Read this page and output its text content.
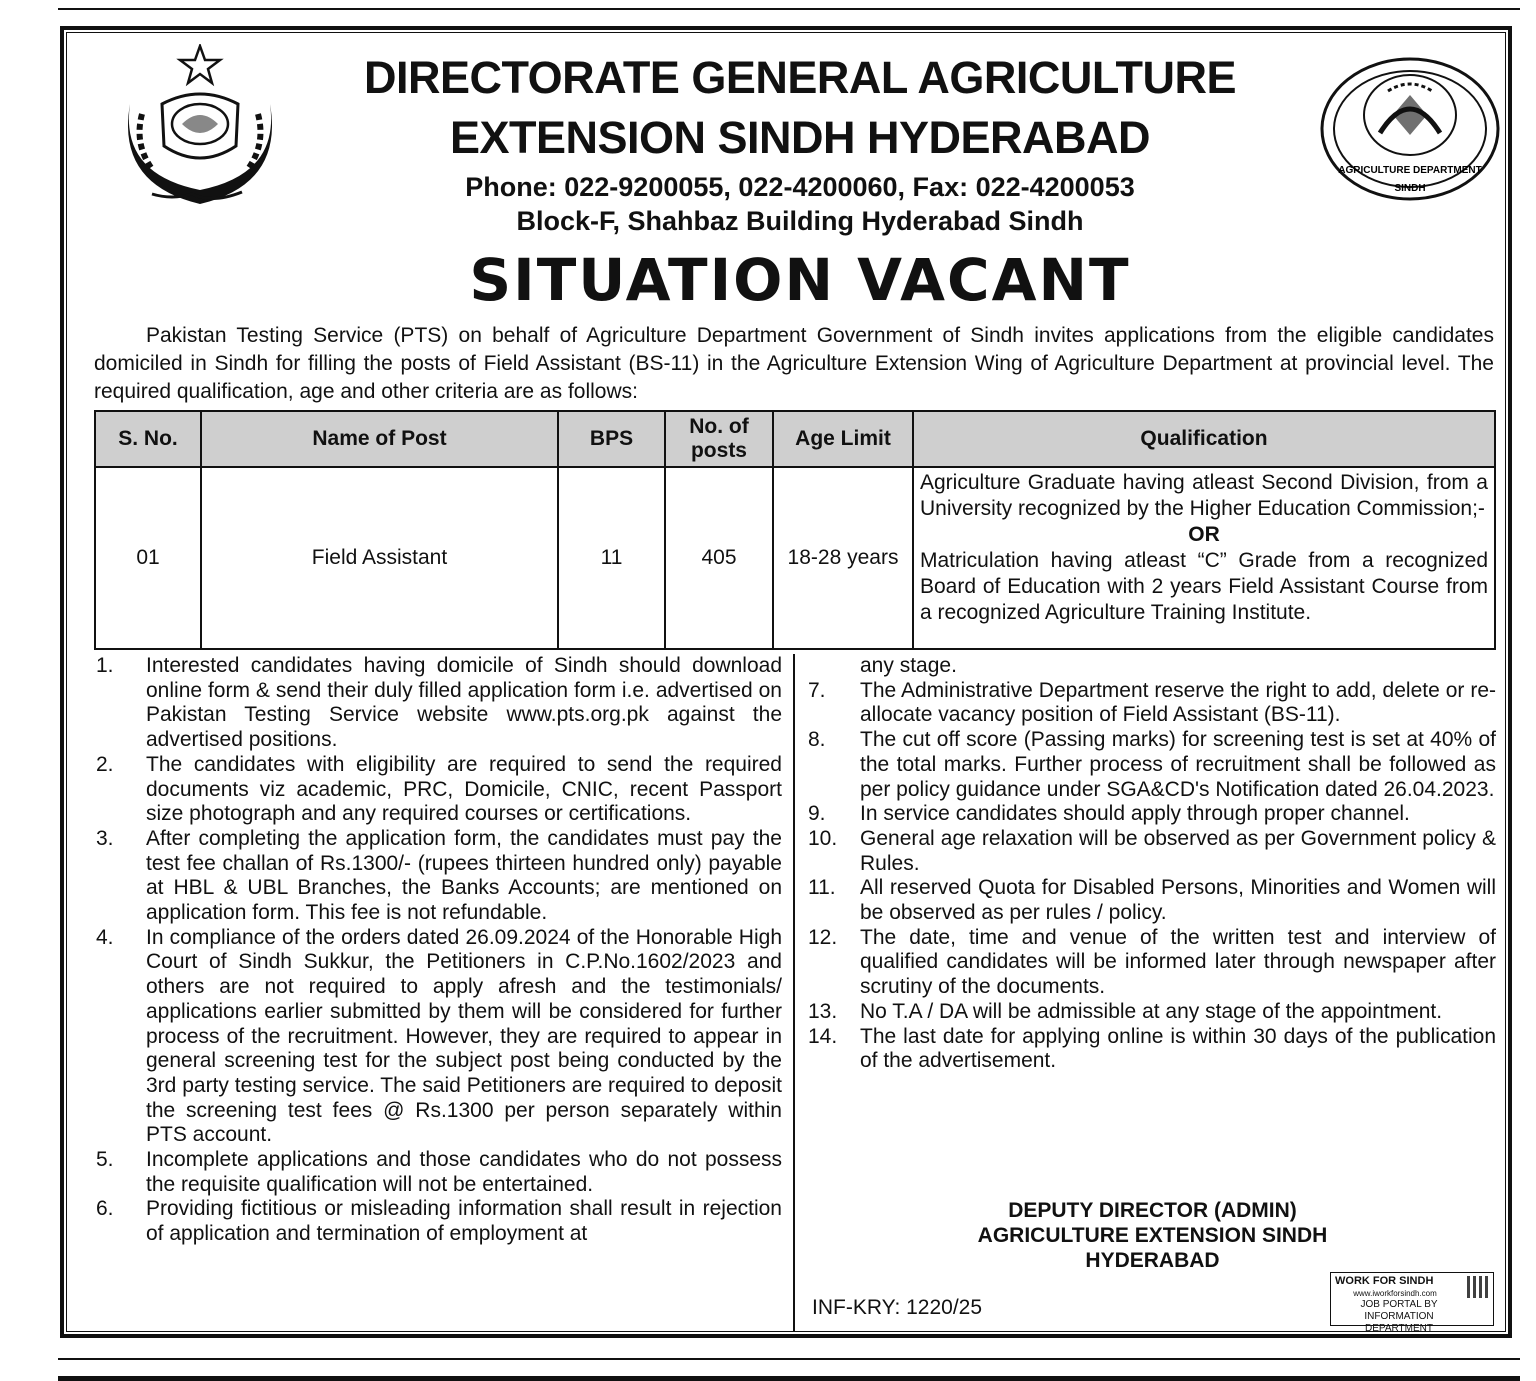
AGRICULTURE DEPARTMENT
SINDH
DIRECTORATE GENERAL AGRICULTURE
EXTENSION SINDH HYDERABAD
Phone: 022-9200055, 022-4200060, Fax: 022-4200053
Block-F, Shahbaz Building Hyderabad Sindh
SITUATION VACANT
Pakistan Testing Service (PTS) on behalf of Agriculture Department Government of Sindh invites applications from the eligible candidates domiciled in Sindh for filling the posts of Field Assistant (BS-11) in the Agriculture Extension Wing of Agriculture Department at provincial level. The required qualification, age and other criteria are as follows:
S. No.	Name of Post	BPS	No. of posts	Age Limit	Qualification
01	Field Assistant	11	405	18-28 years	Agriculture Graduate having atleast Second Division, from a University recognized by the Higher Education Commission;-
OR
Matriculation having atleast “C” Grade from a recognized Board of Education with 2 years Field Assistant Course from a recognized Agriculture Training Institute.
1. Interested candidates having domicile of Sindh should download online form & send their duly filled application form i.e. advertised on Pakistan Testing Service website www.pts.org.pk against the advertised positions.
2. The candidates with eligibility are required to send the required documents viz academic, PRC, Domicile, CNIC, recent Passport size photograph and any required courses or certifications.
3. After completing the application form, the candidates must pay the test fee challan of Rs.1300/- (rupees thirteen hundred only) payable at HBL & UBL Branches, the Banks Accounts; are mentioned on application form. This fee is not refundable.
4. In compliance of the orders dated 26.09.2024 of the Honorable High Court of Sindh Sukkur, the Petitioners in C.P.No.1602/2023 and others are not required to apply afresh and the testimonials/ applications earlier submitted by them will be considered for further process of the recruitment. However, they are required to appear in general screening test for the subject post being conducted by the 3rd party testing service. The said Petitioners are required to deposit the screening test fees @ Rs.1300 per person separately within PTS account.
5. Incomplete applications and those candidates who do not possess the requisite qualification will not be entertained.
6. Providing fictitious or misleading information shall result in rejection of application and termination of employment at
any stage.
7. The Administrative Department reserve the right to add, delete or re-allocate vacancy position of Field Assistant (BS-11).
8. The cut off score (Passing marks) for screening test is set at 40% of the total marks. Further process of recruitment shall be followed as per policy guidance under SGA&CD's Notification dated 26.04.2023.
9. In service candidates should apply through proper channel.
10. General age relaxation will be observed as per Government policy & Rules.
11. All reserved Quota for Disabled Persons, Minorities and Women will be observed as per rules / policy.
12. The date, time and venue of the written test and interview of qualified candidates will be informed later through newspaper after scrutiny of the documents.
13. No T.A / DA will be admissible at any stage of the appointment.
14. The last date for applying online is within 30 days of the publication of the advertisement.
DEPUTY DIRECTOR (ADMIN)
AGRICULTURE EXTENSION SINDH
HYDERABAD
INF-KRY: 1220/25
WORK FOR SINDH
www.iworkforsindh.com
JOB PORTAL BY
INFORMATION DEPARTMENT
